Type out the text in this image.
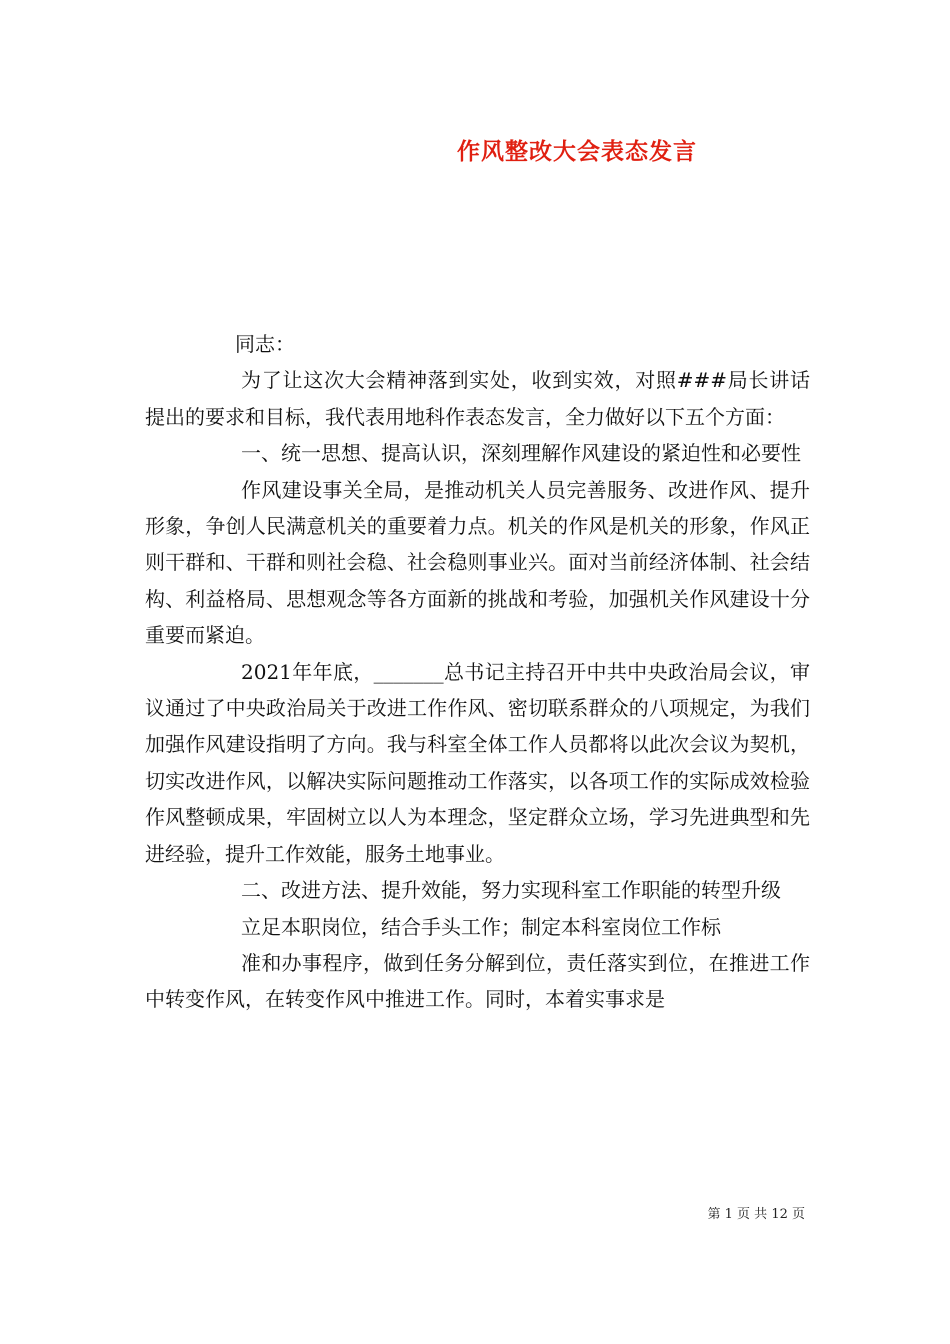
作风整改大会表态发言

同志：

为了让这次大会精神落到实处，收到实效，对照###局长讲话提出的要求和目标，我代表用地科作表态发言，全力做好以下五个方面：

一、统一思想、提高认识，深刻理解作风建设的紧迫性和必要性

作风建设事关全局，是推动机关人员完善服务、改进作风、提升形象，争创人民满意机关的重要着力点。机关的作风是机关的形象，作风正则干群和、干群和则社会稳、社会稳则事业兴。面对当前经济体制、社会结构、利益格局、思想观念等各方面新的挑战和考验，加强机关作风建设十分重要而紧迫。

2021年年底，_______总书记主持召开中共中央政治局会议，审议通过了中央政治局关于改进工作作风、密切联系群众的八项规定，为我们加强作风建设指明了方向。我与科室全体工作人员都将以此次会议为契机，切实改进作风，以解决实际问题推动工作落实，以各项工作的实际成效检验作风整顿成果，牢固树立以人为本理念，坚定群众立场，学习先进典型和先进经验，提升工作效能，服务土地事业。

二、改进方法、提升效能，努力实现科室工作职能的转型升级

立足本职岗位，结合手头工作；制定本科室岗位工作标

准和办事程序，做到任务分解到位，责任落实到位，在推进工作中转变作风，在转变作风中推进工作。同时，本着实事求是

第 1 页 共 12 页
